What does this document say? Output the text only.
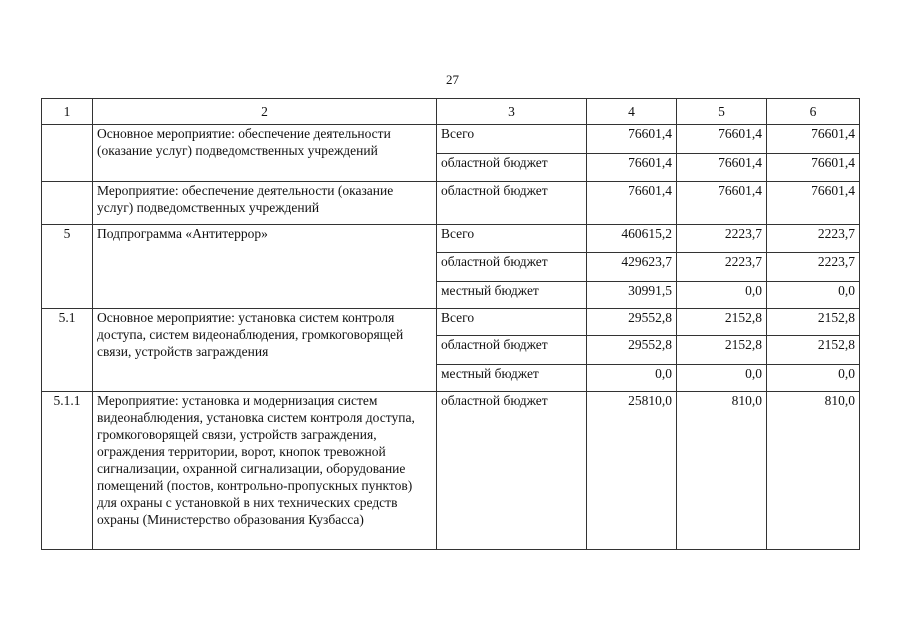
27
1	2	3	4	5	6
	Основное мероприятие: обеспечение деятельности (оказание услуг) подведомственных учреждений	Всего	76601,4	76601,4	76601,4
		областной бюджет	76601,4	76601,4	76601,4
	Мероприятие: обеспечение деятельности (оказание услуг) подведомственных учреждений	областной бюджет	76601,4	76601,4	76601,4
5	Подпрограмма «Антитеррор»	Всего	460615,2	2223,7	2223,7
		областной бюджет	429623,7	2223,7	2223,7
		местный бюджет	30991,5	0,0	0,0
5.1	Основное мероприятие: установка систем контроля доступа, систем видеонаблюдения, громкоговорящей связи, устройств заграждения	Всего	29552,8	2152,8	2152,8
		областной бюджет	29552,8	2152,8	2152,8
		местный бюджет	0,0	0,0	0,0
5.1.1	Мероприятие: установка и модернизация систем видеонаблюдения, установка систем контроля доступа, громкоговорящей связи, устройств заграждения, ограждения территории, ворот, кнопок тревожной сигнализации, охранной сигнализации, оборудование помещений (постов, контрольно-пропускных пунктов) для охраны с установкой в них технических средств охраны (Министерство образования Кузбасса)	областной бюджет	25810,0	810,0	810,0
